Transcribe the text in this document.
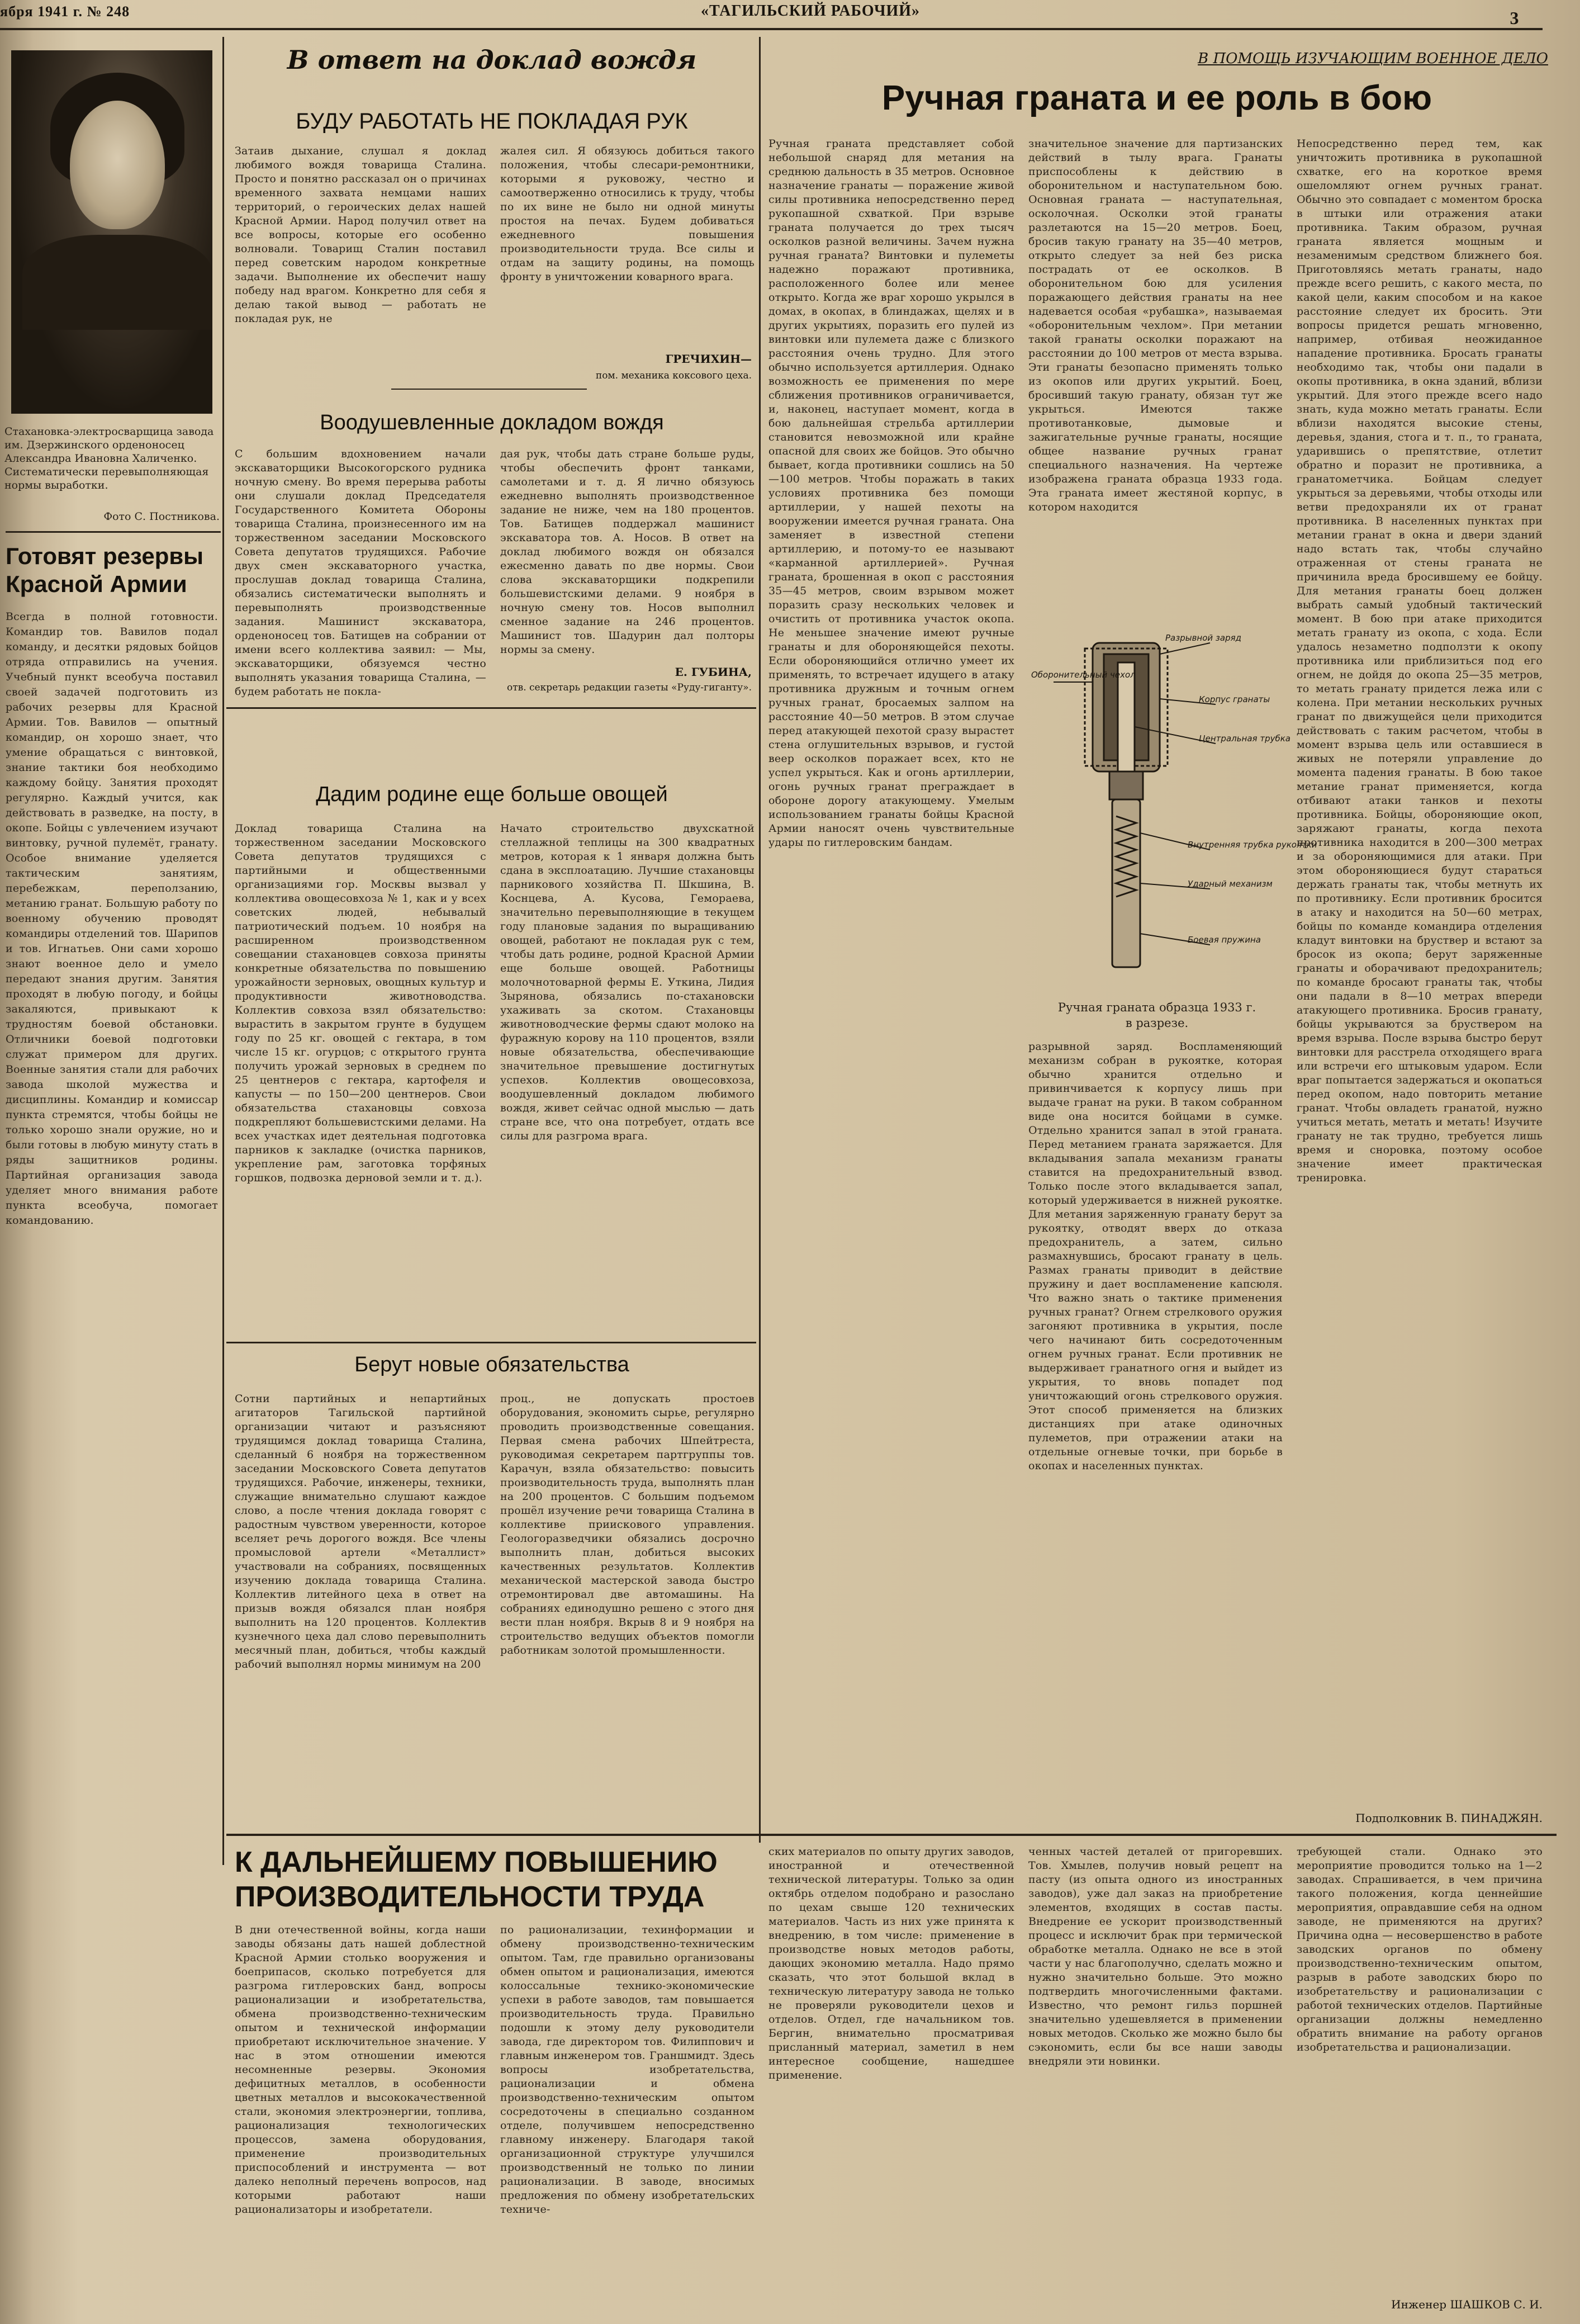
ября 1941 г. № 248	«ТАГИЛЬСКИЙ РАБОЧИЙ»	3
Стахановка-электросварщица завода им. Дзержинского орденоносец Александра Ивановна Халиченко. Систематически перевыполняющая нормы выработки.
Фото С. Постникова.
Готовят резервы Красной Армии
Всегда в полной готовности. Командир тов. Вавилов подал команду, и десятки рядовых бойцов отряда отправились на учения. Учебный пункт всеобуча поставил своей задачей подготовить из рабочих резервы для Красной Армии. Тов. Вавилов — опытный командир, он хорошо знает, что умение обращаться с винтовкой, знание тактики боя необходимо каждому бойцу. Занятия проходят регулярно. Каждый учится, как действовать в разведке, на посту, в окопе. Бойцы с увлечением изучают винтовку, ручной пулемёт, гранату. Особое внимание уделяется тактическим занятиям, перебежкам, переползанию, метанию гранат. Большую работу по военному обучению проводят командиры отделений тов. Шарипов и тов. Игнатьев. Они сами хорошо знают военное дело и умело передают знания другим. Занятия проходят в любую погоду, и бойцы закаляются, привыкают к трудностям боевой обстановки. Отличники боевой подготовки служат примером для других. Военные занятия стали для рабочих завода школой мужества и дисциплины. Командир и комиссар пункта стремятся, чтобы бойцы не только хорошо знали оружие, но и были готовы в любую минуту стать в ряды защитников родины. Партийная организация завода уделяет много внимания работе пункта всеобуча, помогает командованию.
В ответ на доклад вождя
БУДУ РАБОТАТЬ НЕ ПОКЛАДАЯ РУК
Затаив дыхание, слушал я доклад любимого вождя товарища Сталина. Просто и понятно рассказал он о причинах временного захвата немцами наших территорий, о героических делах нашей Красной Армии. Народ получил ответ на все вопросы, которые его особенно волновали. Товарищ Сталин поставил перед советским народом конкретные задачи. Выполнение их обеспечит нашу победу над врагом. Конкретно для себя я делаю такой вывод — работать не покладая рук, не
жалея сил. Я обязуюсь добиться такого положения, чтобы слесари-ремонтники, которыми я руковожу, честно и самоотверженно относились к труду, чтобы по их вине не было ни одной минуты простоя на печах. Будем добиваться ежедневного повышения производительности труда. Все силы и отдам на защиту родины, на помощь фронту в уничтожении коварного врага.
ГРЕЧИХИН—
пом. механика коксового цеха.
Воодушевленные докладом вождя
С большим вдохновением начали экскаваторщики Высокогорского рудника ночную смену. Во время перерыва работы они слушали доклад Председателя Государственного Комитета Обороны товарища Сталина, произнесенного им на торжественном заседании Московского Совета депутатов трудящихся. Рабочие двух смен экскаваторного участка, прослушав доклад товарища Сталина, обязались систематически выполнять и перевыполнять производственные задания. Машинист экскаватора, орденоносец тов. Батищев на собрании от имени всего коллектива заявил: — Мы, экскаваторщики, обязуемся честно выполнять указания товарища Сталина, — будем работать не покла-
дая рук, чтобы дать стране больше руды, чтобы обеспечить фронт танками, самолетами и т. д. Я лично обязуюсь ежедневно выполнять производственное задание не ниже, чем на 180 процентов. Тов. Батищев поддержал машинист экскаватора тов. А. Носов. В ответ на доклад любимого вождя он обязался ежесменно давать по две нормы. Свои слова экскаваторщики подкрепили большевистскими делами. 9 ноября в ночную смену тов. Носов выполнил сменное задание на 246 процентов. Машинист тов. Шадурин дал полторы нормы за смену.
Е. ГУБИНА,
отв. секретарь редакции газеты «Руду-гиганту».
Дадим родине еще больше овощей
Доклад товарища Сталина на торжественном заседании Московского Совета депутатов трудящихся с партийными и общественными организациями гор. Москвы вызвал у коллектива овощесовхоза № 1, как и у всех советских людей, небывалый патриотический подъем. 10 ноября на расширенном производственном совещании стахановцев совхоза приняты конкретные обязательства по повышению урожайности зерновых, овощных культур и продуктивности животноводства. Коллектив совхоза взял обязательство: вырастить в закрытом грунте в будущем году по 25 кг. овощей с гектара, в том числе 15 кг. огурцов; с открытого грунта получить урожай зерновых в среднем по 25 центнеров с гектара, картофеля и капусты — по 150—200 центнеров. Свои обязательства стахановцы совхоза подкрепляют большевистскими делами. На всех участках идет деятельная подготовка парников к закладке (очистка парников, укрепление рам, заготовка торфяных горшков, подвозка дерновой земли и т. д.).
Начато строительство двухскатной стеллажной теплицы на 300 квадратных метров, которая к 1 января должна быть сдана в эксплоатацию. Лучшие стахановцы парникового хозяйства П. Шкшина, В. Коснцева, А. Кусова, Гемораева, значительно перевыполняющие в текущем году плановые задания по выращиванию овощей, работают не покладая рук с тем, чтобы дать родине, родной Красной Армии еще больше овощей. Работницы молочнотоварной фермы Е. Уткина, Лидия Зырянова, обязались по-стахановски ухаживать за скотом. Стахановцы животноводческие фермы сдают молоко на фуражную корову на 110 процентов, взяли новые обязательства, обеспечивающие значительное превышение достигнутых успехов. Коллектив овощесовхоза, воодушевленный докладом любимого вождя, живет сейчас одной мыслью — дать стране все, что она потребует, отдать все силы для разгрома врага.
Берут новые обязательства
Сотни партийных и непартийных агитаторов Тагильской партийной организации читают и разъясняют трудящимся доклад товарища Сталина, сделанный 6 ноября на торжественном заседании Московского Совета депутатов трудящихся. Рабочие, инженеры, техники, служащие внимательно слушают каждое слово, а после чтения доклада говорят с радостным чувством уверенности, которое вселяет речь дорогого вождя. Все члены промысловой артели «Металлист» участвовали на собраниях, посвященных изучению доклада товарища Сталина. Коллектив литейного цеха в ответ на призыв вождя обязался план ноября выполнить на 120 процентов. Коллектив кузнечного цеха дал слово перевыполнить месячный план, добиться, чтобы каждый рабочий выполнял нормы минимум на 200
проц., не допускать простоев оборудования, экономить сырье, регулярно проводить производственные совещания. Первая смена рабочих Шпейтрестa, руководимая секретарем партгруппы тов. Карачун, взяла обязательство: повысить производительность труда, выполнять план на 200 процентов. С большим подъемом прошёл изучение речи товарища Сталина в коллективе приискового управления. Геологоразведчики обязались досрочно выполнить план, добиться высоких качественных результатов. Коллектив механической мастерской завода быстро отремонтировал две автомашины. На собраниях единодушно решено с этого дня вести план ноября. Вкрыв 8 и 9 ноября на строительство ведущих объектов помогли работникам золотой промышленности.
В ПОМОЩЬ ИЗУЧАЮЩИМ ВОЕННОЕ ДЕЛО
Ручная граната и ее роль в бою
Ручная граната представляет собой небольшой снаряд для метания на среднюю дальность в 35 метров. Основное назначение гранаты — поражение живой силы противника непосредственно перед рукопашной схваткой. При взрыве граната получается до трех тысяч осколков разной величины. Зачем нужна ручная граната? Винтовки и пулеметы надежно поражают противника, расположенного более или менее открыто. Когда же враг хорошо укрылся в домах, в окопах, в блиндажах, щелях и в других укрытиях, поразить его пулей из винтовки или пулемета даже с близкого расстояния очень трудно. Для этого обычно используется артиллерия. Однако возможность ее применения по мере сближения противников ограничивается, и, наконец, наступает момент, когда в бою дальнейшая стрельба артиллерии становится невозможной или крайне опасной для своих же бойцов. Это обычно бывает, когда противники сошлись на 50—100 метров. Чтобы поражать в таких условиях противника без помощи артиллерии, у нашей пехоты на вооружении имеется ручная граната. Она заменяет в известной степени артиллерию, и потому-то ее называют «карманной артиллерией». Ручная граната, брошенная в окоп с расстояния 35—45 метров, своим взрывом может поразить сразу нескольких человек и очистить от противника участок окопа. Не меньшее значение имеют ручные гранаты и для обороняющейся пехоты. Если обороняющийся отлично умеет их применять, то встречает идущего в атаку противника дружным и точным огнем ручных гранат, бросаемых залпом на расстояние 40—50 метров. В этом случае перед атакующей пехотой сразу вырастет стена оглушительных взрывов, и густой веер осколков поражает всех, кто не успел укрыться. Как и огонь артиллерии, огонь ручных гранат преграждает в обороне дорогу атакующему. Умелым использованием гранаты бойцы Красной Армии наносят очень чувствительные удары по гитлеровским бандам.
значительное значение для партизанских действий в тылу врага. Гранаты приспособлены к действию в оборонительном и наступательном бою. Основная граната — наступательная, осколочная. Осколки этой гранаты разлетаются на 15—20 метров. Боец, бросив такую гранату на 35—40 метров, открыто следует за ней без риска пострадать от ее осколков. В оборонительном бою для усиления поражающего действия гранаты на нее надевается особая «рубашка», называемая «оборонительным чехлом». При метании такой гранаты осколки поражают на расстоянии до 100 метров от места взрыва. Эти гранаты безопасно применять только из окопов или других укрытий. Боец, бросивший такую гранату, обязан тут же укрыться. Имеются также противотанковые, дымовые и зажигательные ручные гранаты, носящие общее название ручных гранат специального назначения. На чертеже изображена граната образца 1933 года. Эта граната имеет жестяной корпус, в котором находится
Разрывной заряд
Оборонительный чехол
Корпус гранаты
Центральная трубка
Внутренняя трубка рукоятки
Ударный механизм
Боевая пружина
Ручная граната образца 1933 г.
в разрезе.
разрывной заряд. Воспламеняющий механизм собран в рукоятке, которая обычно хранится отдельно и привинчивается к корпусу лишь при выдаче гранат на руки. В таком собранном виде она носится бойцами в сумке. Отдельно хранится запал в этой граната. Перед метанием граната заряжается. Для вкладывания запала механизм гранаты ставится на предохранительный взвод. Только после этого вкладывается запал, который удерживается в нижней рукоятке. Для метания заряженную гранату берут за рукоятку, отводят вверх до отказа предохранитель, а затем, сильно размахнувшись, бросают гранату в цель. Размах гранаты приводит в действие пружину и дает воспламенение капсюля. Что важно знать о тактике применения ручных гранат? Огнем стрелкового оружия загоняют противника в укрытия, после чего начинают бить сосредоточенным огнем ручных гранат. Если противник не выдерживает гранатного огня и выйдет из укрытия, то вновь попадет под уничтожающий огонь стрелкового оружия. Этот способ применяется на близких дистанциях при атаке одиночных пулеметов, при отражении атаки на отдельные огневые точки, при борьбе в окопах и населенных пунктах.
Непосредственно перед тем, как уничтожить противника в рукопашной схватке, его на короткое время ошеломляют огнем ручных гранат. Обычно это совпадает с моментом броска в штыки или отражения атаки противника. Таким образом, ручная граната является мощным и незаменимым средством ближнего боя. Приготовляясь метать гранаты, надо прежде всего решить, с какого места, по какой цели, каким способом и на какое расстояние следует их бросить. Эти вопросы придется решать мгновенно, например, отбивая неожиданное нападение противника. Бросать гранаты необходимо так, чтобы они падали в окопы противника, в окна зданий, вблизи укрытий. Для этого прежде всего надо знать, куда можно метать гранаты. Если вблизи находятся высокие стены, деревья, здания, стога и т. п., то граната, ударившись о препятствие, отлетит обратно и поразит не противника, а гранатометчика. Бойцам следует укрыться за деревьями, чтобы отходы или ветви предохраняли их от гранат противника. В населенных пунктах при метании гранат в окна и двери зданий надо встать так, чтобы случайно отраженная от стены граната не причинила вреда бросившему ее бойцу. Для метания гранаты боец должен выбрать самый удобный тактический момент. В бою при атаке приходится метать гранату из окопа, с хода. Если удалось незаметно подползти к окопу противника или приблизиться под его огнем, не дойдя до окопа 25—35 метров, то метать гранату придется лежа или с колена. При метании нескольких ручных гранат по движущейся цели приходится действовать с таким расчетом, чтобы в момент взрыва цель или оставшиеся в живых не потеряли управление до момента падения гранаты. В бою такое метание гранат применяется, когда отбивают атаки танков и пехоты противника. Бойцы, обороняющие окоп, заряжают гранаты, когда пехота противника находится в 200—300 метрах и за обороняющимися для атаки. При этом обороняющиеся будут стараться держать гранаты так, чтобы метнуть их по противнику. Если противник бросится в атаку и находится на 50—60 метрах, бойцы по команде командира отделения кладут винтовки на бруствер и встают за бросок из окопа; берут заряженные гранаты и оборачивают предохранитель; по команде бросают гранаты так, чтобы они падали в 8—10 метрах впереди атакующего противника. Бросив гранату, бойцы укрываются за бруствером на время взрыва. После взрыва быстро берут винтовки для расстрела отходящего врага или встречи его штыковым ударом. Если враг попытается задержаться и окопаться перед окопом, надо повторить метание гранат. Чтобы овладеть гранатой, нужно учиться метать, метать и метать! Изучите гранату не так трудно, требуется лишь время и сноровка, поэтому особое значение имеет практическая тренировка.
Подполковник В. ПИНАДЖЯН.
К ДАЛЬНЕЙШЕМУ ПОВЫШЕНИЮ ПРОИЗВОДИТЕЛЬНОСТИ ТРУДА
В дни отечественной войны, когда наши заводы обязаны дать нашей доблестной Красной Армии столько вооружения и боеприпасов, сколько потребуется для разгрома гитлеровских банд, вопросы рационализации и изобретательства, обмена производственно-техническим опытом и технической информации приобретают исключительное значение. У нас в этом отношении имеются несомненные резервы. Экономия дефицитных металлов, в особенности цветных металлов и высококачественной стали, экономия электроэнергии, топлива, рационализация технологических процессов, замена оборудования, применение производительных приспособлений и инструмента — вот далеко неполный перечень вопросов, над которыми работают наши рационализаторы и изобретатели.
по рационализации, техинформации и обмену производственно-техническим опытом. Там, где правильно организованы обмен опытом и рационализация, имеются колоссальные технико-экономические успехи в работе заводов, там повышается производительность труда. Правильно подошли к этому делу руководители завода, где директором тов. Филиппович и главным инженером тов. Граншмидт. Здесь вопросы изобретательства, рационализации и обмена производственно-техническим опытом сосредоточены в специально созданном отделе, получившем непосредственно главному инженеру. Благодаря такой организационной структуре улучшился производственный не только по линии рационализации. В заводе, вносимых предложения по обмену изобретательских техниче-
ских материалов по опыту других заводов, иностранной и отечественной технической литературы. Только за один октябрь отделом подобрано и разослано по цехам свыше 120 технических материалов. Часть из них уже принята к внедрению, в том числе: применение в производстве новых методов работы, дающих экономию металла. Надо прямо сказать, что этот большой вклад в техническую литературу завода не только не проверяли руководители цехов и отделов. Отдел, где начальником тов. Бергин, внимательно просматривая присланный материал, заметил в нем интересное сообщение, нашедшее применение.
ченных частей деталей от пригоревших. Тов. Хмылев, получив новый рецепт на пасту (из опыта одного из иностранных заводов), уже дал заказ на приобретение элементов, входящих в состав пасты. Внедрение ее ускорит производственный процесс и исключит брак при термической обработке металла. Однако не все в этой части у нас благополучно, сделать можно и нужно значительно больше. Это можно подтвердить многочисленными фактами. Известно, что ремонт гильз поршней значительно удешевляется в применении новых методов. Сколько же можно было бы сэкономить, если бы все наши заводы внедряли эти новинки.
требующей стали. Однако это мероприятие проводится только на 1—2 заводах. Спрашивается, в чем причина такого положения, когда ценнейшие мероприятия, оправдавшие себя на одном заводе, не применяются на других? Причина одна — несовершенство в работе заводских органов по обмену производственно-техническим опытом, разрыв в работе заводских бюро по изобретательству и рационализации с работой технических отделов. Партийные организации должны немедленно обратить внимание на работу органов изобретательства и рационализации.
Инженер ШАШКОВ С. И.
